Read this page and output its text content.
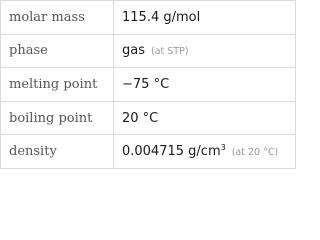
molar mass	115.4 g/mol
phase	gas (at STP)
melting point	−75 °C
boiling point	20 °C
density	0.004715 $g/cm^3$ (at 20 °C)
